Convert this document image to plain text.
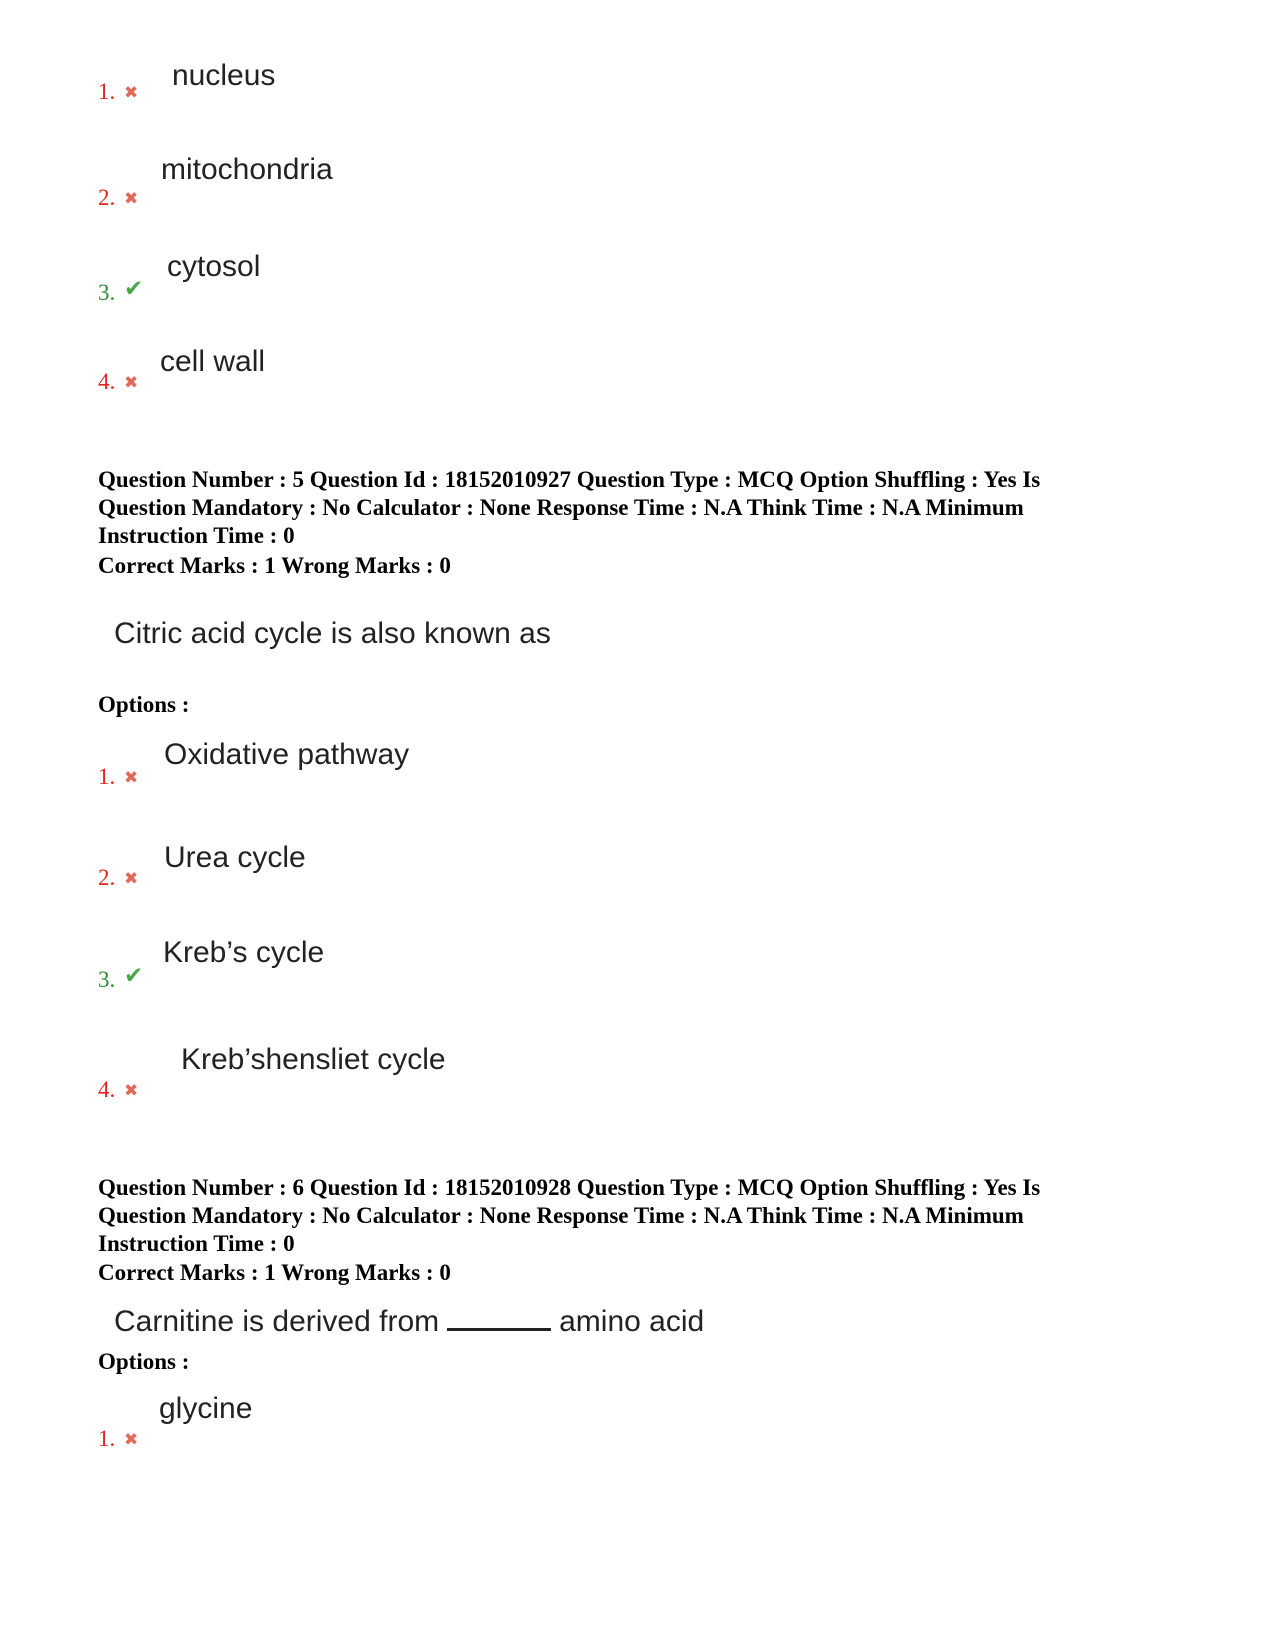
1. ✖
nucleus
2. ✖
mitochondria
3. ✔
cytosol
4. ✖
cell wall
Question Number : 5 Question Id : 18152010927 Question Type : MCQ Option Shuffling : Yes Is
Question Mandatory : No Calculator : None Response Time : N.A Think Time : N.A Minimum
Instruction Time : 0
Correct Marks : 1 Wrong Marks : 0
Citric acid cycle is also known as
Options :
1. ✖
Oxidative pathway
2. ✖
Urea cycle
3. ✔
Kreb’s cycle
4. ✖
Kreb’shensliet cycle
Question Number : 6 Question Id : 18152010928 Question Type : MCQ Option Shuffling : Yes Is
Question Mandatory : No Calculator : None Response Time : N.A Think Time : N.A Minimum
Instruction Time : 0
Correct Marks : 1 Wrong Marks : 0
Carnitine is derived from	amino acid
Options :
1. ✖
glycine
